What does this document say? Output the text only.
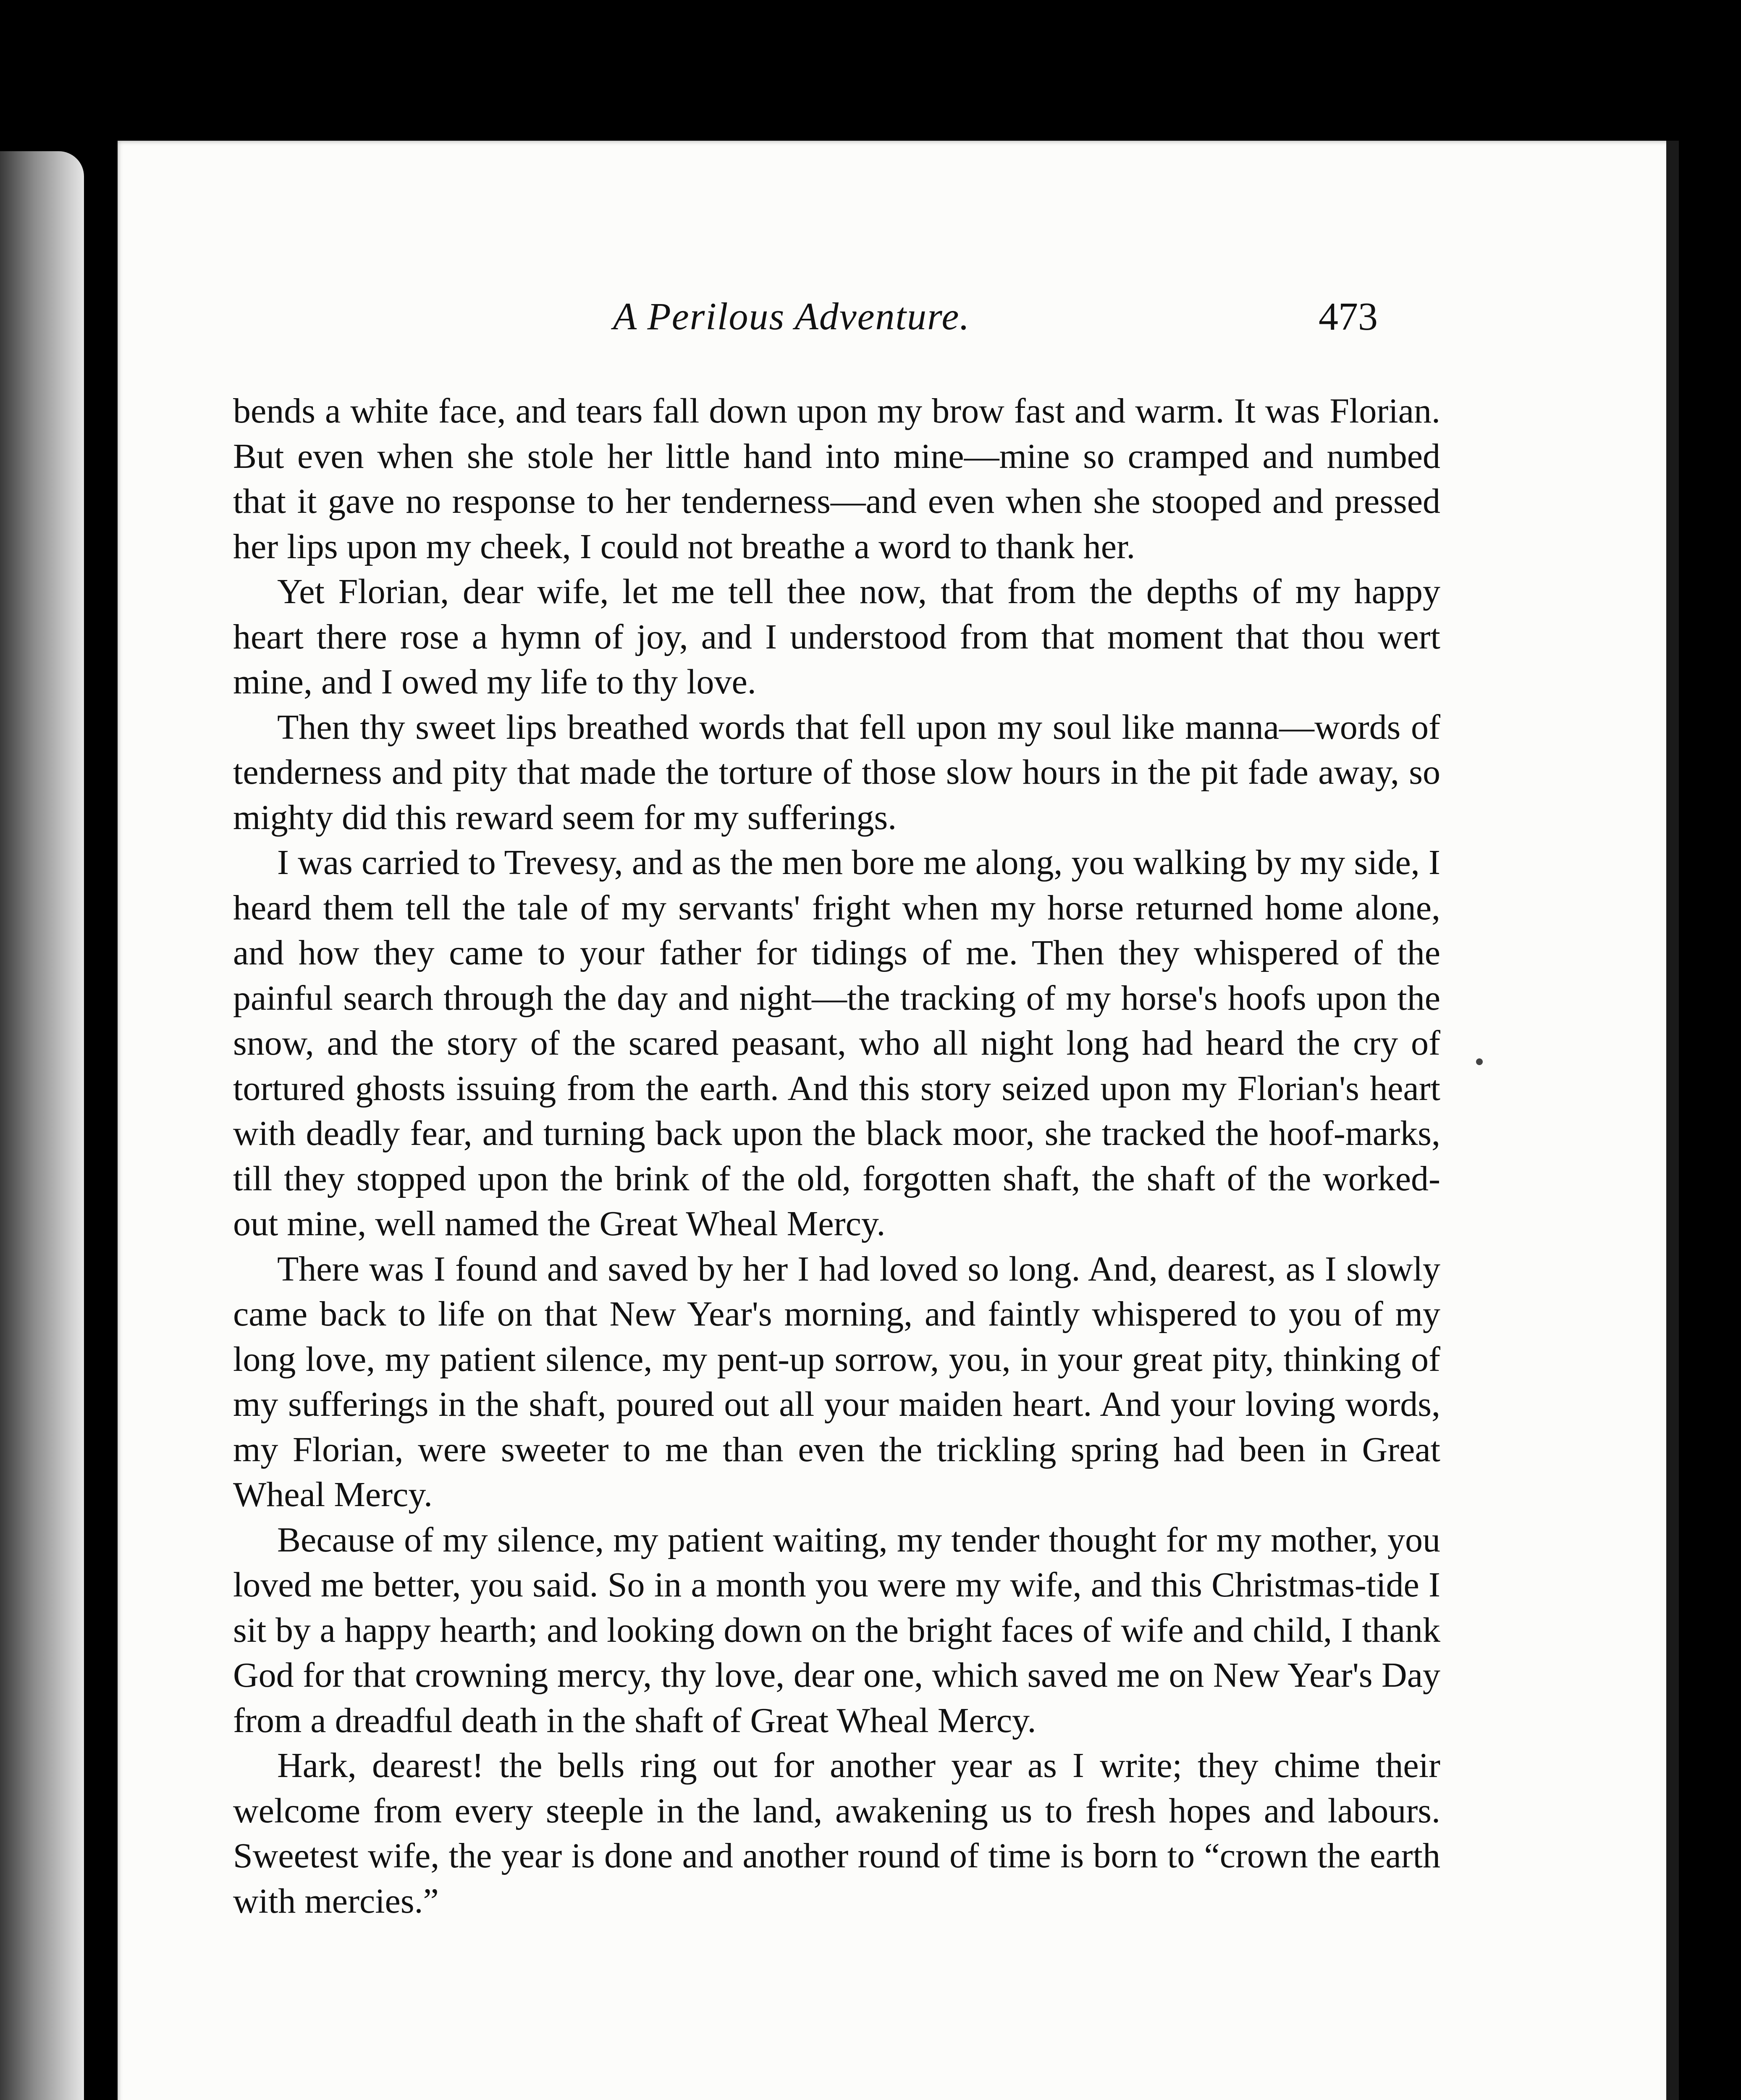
A Perilous Adventure.	473

bends a white face, and tears fall down upon my brow fast and warm. It was Florian. But even when she stole her little hand into mine—mine so cramped and numbed that it gave no response to her tenderness—and even when she stooped and pressed her lips upon my cheek, I could not breathe a word to thank her.

Yet Florian, dear wife, let me tell thee now, that from the depths of my happy heart there rose a hymn of joy, and I understood from that moment that thou wert mine, and I owed my life to thy love.

Then thy sweet lips breathed words that fell upon my soul like manna—words of tenderness and pity that made the torture of those slow hours in the pit fade away, so mighty did this reward seem for my sufferings.

I was carried to Trevesy, and as the men bore me along, you walking by my side, I heard them tell the tale of my servants' fright when my horse returned home alone, and how they came to your father for tidings of me. Then they whispered of the painful search through the day and night—the tracking of my horse's hoofs upon the snow, and the story of the scared peasant, who all night long had heard the cry of tortured ghosts issuing from the earth. And this story seized upon my Florian's heart with deadly fear, and turning back upon the black moor, she tracked the hoof-marks, till they stopped upon the brink of the old, forgotten shaft, the shaft of the worked-out mine, well named the Great Wheal Mercy.

There was I found and saved by her I had loved so long. And, dearest, as I slowly came back to life on that New Year's morning, and faintly whispered to you of my long love, my patient silence, my pent-up sorrow, you, in your great pity, thinking of my sufferings in the shaft, poured out all your maiden heart. And your loving words, my Florian, were sweeter to me than even the trickling spring had been in Great Wheal Mercy.

Because of my silence, my patient waiting, my tender thought for my mother, you loved me better, you said. So in a month you were my wife, and this Christmas-tide I sit by a happy hearth; and looking down on the bright faces of wife and child, I thank God for that crowning mercy, thy love, dear one, which saved me on New Year's Day from a dreadful death in the shaft of Great Wheal Mercy.

Hark, dearest! the bells ring out for another year as I write; they chime their welcome from every steeple in the land, awakening us to fresh hopes and labours. Sweetest wife, the year is done and another round of time is born to “crown the earth with mercies.”
